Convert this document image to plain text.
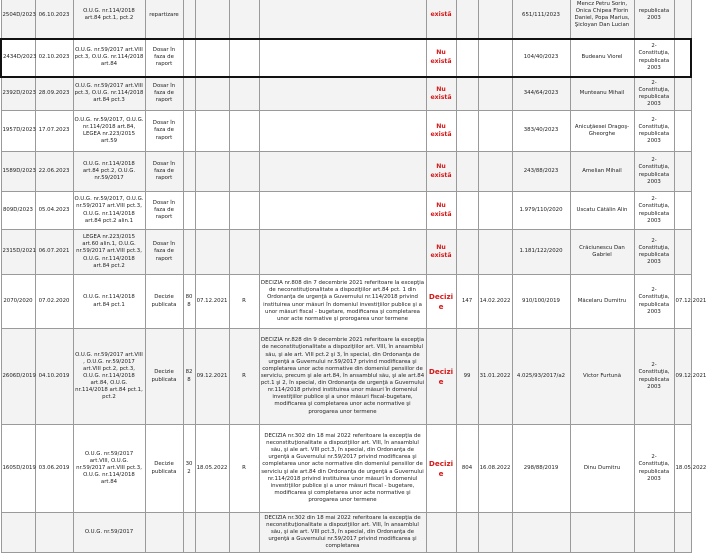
2504D/2023	06.10.2023	O.U.G. nr.114/2018 art.84 pct.1, pct.2	repartizare					există			651/111/2023	Mencz Petru Sorin, Onica Chipea Florin Daniel, Popa Marius, Şicloyan Dan Lucian	republicata 2003	
2434D/2023	02.10.2023	O.U.G. nr.59/2017 art.VIII pct.3, O.U.G. nr.114/2018 art.84	Dosar în faza de raport					Nu există			104/40/2023	Budeanu Viorel	2- Constituţia, republicata 2003	
2392D/2023	28.09.2023	O.U.G. nr.59/2017 art.VIII pct.3, O.U.G. nr.114/2018 art.84 pct.3	Dosar în faza de raport					Nu există			344/64/2023	Munteanu Mihail	2- Constituţia, republicata 2003	
1957D/2023	17.07.2023	O.U.G. nr.59/2017, O.U.G. nr.114/2018 art.84, LEGEA nr.223/2015 art.59	Dosar în faza de raport					Nu există			383/40/2023	Anicuţăesei Dragoş-Gheorghe	2- Constituţia, republicata 2003	
1589D/2023	22.06.2023	O.U.G. nr.114/2018 art.84 pct.2, O.U.G. nr.59/2017	Dosar în faza de raport					Nu există			243/88/2023	Amelian Mihail	2- Constituţia, republicata 2003	
809D/2023	05.04.2023	O.U.G. nr.59/2017, O.U.G. nr.59/2017 art.VIII pct.3, O.U.G. nr.114/2018 art.84 pct.2 alin.1	Dosar în faza de raport					Nu există			1.979/110/2020	Uscatu Cătălin Alin	2- Constituţia, republicata 2003	
2315D/2021	06.07.2021	LEGEA nr.223/2015 art.60 alin.1, O.U.G. nr.59/2017 art.VIII pct.3, O.U.G. nr.114/2018 art.84 pct.2	Dosar în faza de raport					Nu există			1.181/122/2020	Crăciunescu Dan Gabriel	2- Constituţia, republicata 2003	
2070/2020	07.02.2020	O.U.G. nr.114/2018 art.84 pct.1	Decizie publicata	808	07.12.2021	R	DECIZIA nr.808 din 7 decembrie 2021 referitoare la excepţia de neconstituţionalitate a dispoziţiilor art.84 pct. 1 din Ordonanţa de urgenţă a Guvernului nr.114/2018 privind instituirea unor măsuri în domeniul investiţiilor publice şi a unor măsuri fiscal - bugetare, modificarea şi completarea unor acte normative şi prorogarea unor termene	Decizie	147	14.02.2022	910/100/2019	Măcelaru Dumitru	2- Constituţia, republicata 2003	07.12.2021
2606D/2019	04.10.2019	O.U.G. nr.59/2017 art.VIII , O.U.G. nr.59/2017 art.VIII pct.2, pct.3, O.U.G. nr.114/2018 art.84, O.U.G. nr.114/2018 art.84 pct.1, pct.2	Decizie publicata	828	09.12.2021	R	DECIZIA nr.828 din 9 decembrie 2021 referitoare la excepţia de neconstituţionalitate a dispoziţiilor art. VIII, în ansamblul său, şi ale art. VIII pct.2 şi 3, în special, din Ordonanţa de urgenţă a Guvernului nr.59/2017 privind modificarea şi completarea unor acte normative din domeniul pensiilor de serviciu, precum şi ale art.84, în ansamblul său, şi ale art.84 pct.1 şi 2, în special, din Ordonanţa de urgenţă a Guvernului nr.114/2018 privind instituirea unor măsuri în domeniul investiţiilor publice şi a unor măsuri fiscal-bugetare, modificarea şi completarea unor acte normative şi prorogarea unor termene	Decizie	99	31.01.2022	4.025/93/2017/a2	Victor Furtună	2- Constituţia, republicata 2003	09.12.2021
1605D/2019	03.06.2019	O.U.G. nr.59/2017 art.VIII, O.U.G. nr.59/2017 art.VIII pct.3, O.U.G. nr.114/2018 art.84	Decizie publicata	302	18.05.2022	R	DECIZIA nr.302 din 18 mai 2022 referitoare la excepţia de neconstituţionalitate a dispoziţiilor art. VIII, în ansamblul său, şi ale art. VIII pct.3, în special, din Ordonanţa de urgenţă a Guvernului nr.59/2017 privind modificarea şi completarea unor acte normative din domeniul pensiilor de serviciu şi ale art.84 din Ordonanţa de urgenţă a Guvernului nr.114/2018 privind instituirea unor măsuri în domeniul investiţiilor publice şi a unor măsuri fiscal - bugetare, modificarea şi completarea unor acte normative şi prorogarea unor termene	Decizie	804	16.08.2022	298/88/2019	Dinu Dumitru	2- Constituţia, republicata 2003	18.05.2022
		O.U.G. nr.59/2017					DECIZIA nr.302 din 18 mai 2022 referitoare la excepţia de neconstituţionalitate a dispoziţiilor art. VIII, în ansamblul său, şi ale art. VIII pct.3, în special, din Ordonanţa de urgenţă a Guvernului nr.59/2017 privind modificarea şi completarea							
